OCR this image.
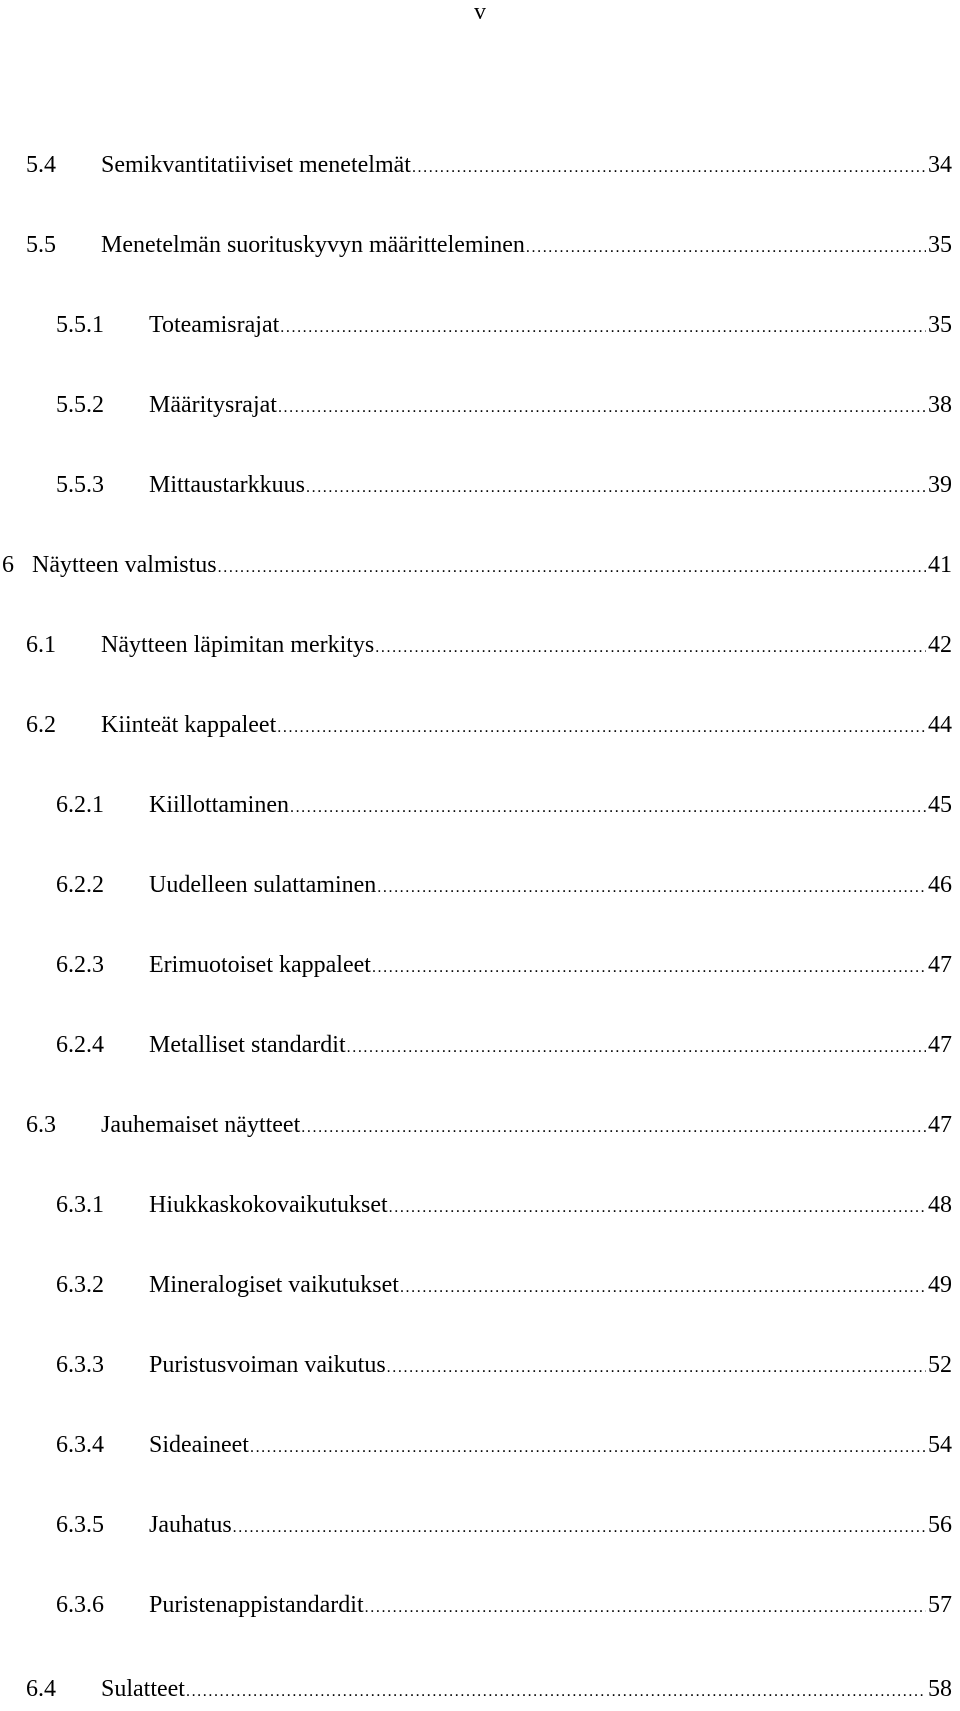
v
5.4	Semikvantitatiiviset menetelmät .....	34
5.5	Menetelmän suorituskyvyn määritteleminen .....	35
5.5.1	Toteamisrajat .....	35
5.5.2	Määritysrajat .....	38
5.5.3	Mittaustarkkuus .....	39
6 Näytteen valmistus .....	41
6.1	Näytteen läpimitan merkitys .....	42
6.2	Kiinteät kappaleet .....	44
6.2.1	Kiillottaminen .....	45
6.2.2	Uudelleen sulattaminen .....	46
6.2.3	Erimuotoiset kappaleet .....	47
6.2.4	Metalliset standardit .....	47
6.3	Jauhemaiset näytteet .....	47
6.3.1	Hiukkaskokovaikutukset .....	48
6.3.2	Mineralogiset vaikutukset .....	49
6.3.3	Puristusvoiman vaikutus .....	52
6.3.4	Sideaineet .....	54
6.3.5	Jauhatus .....	56
6.3.6	Puristenappistandardit .....	57
6.4	Sulatteet .....	58
